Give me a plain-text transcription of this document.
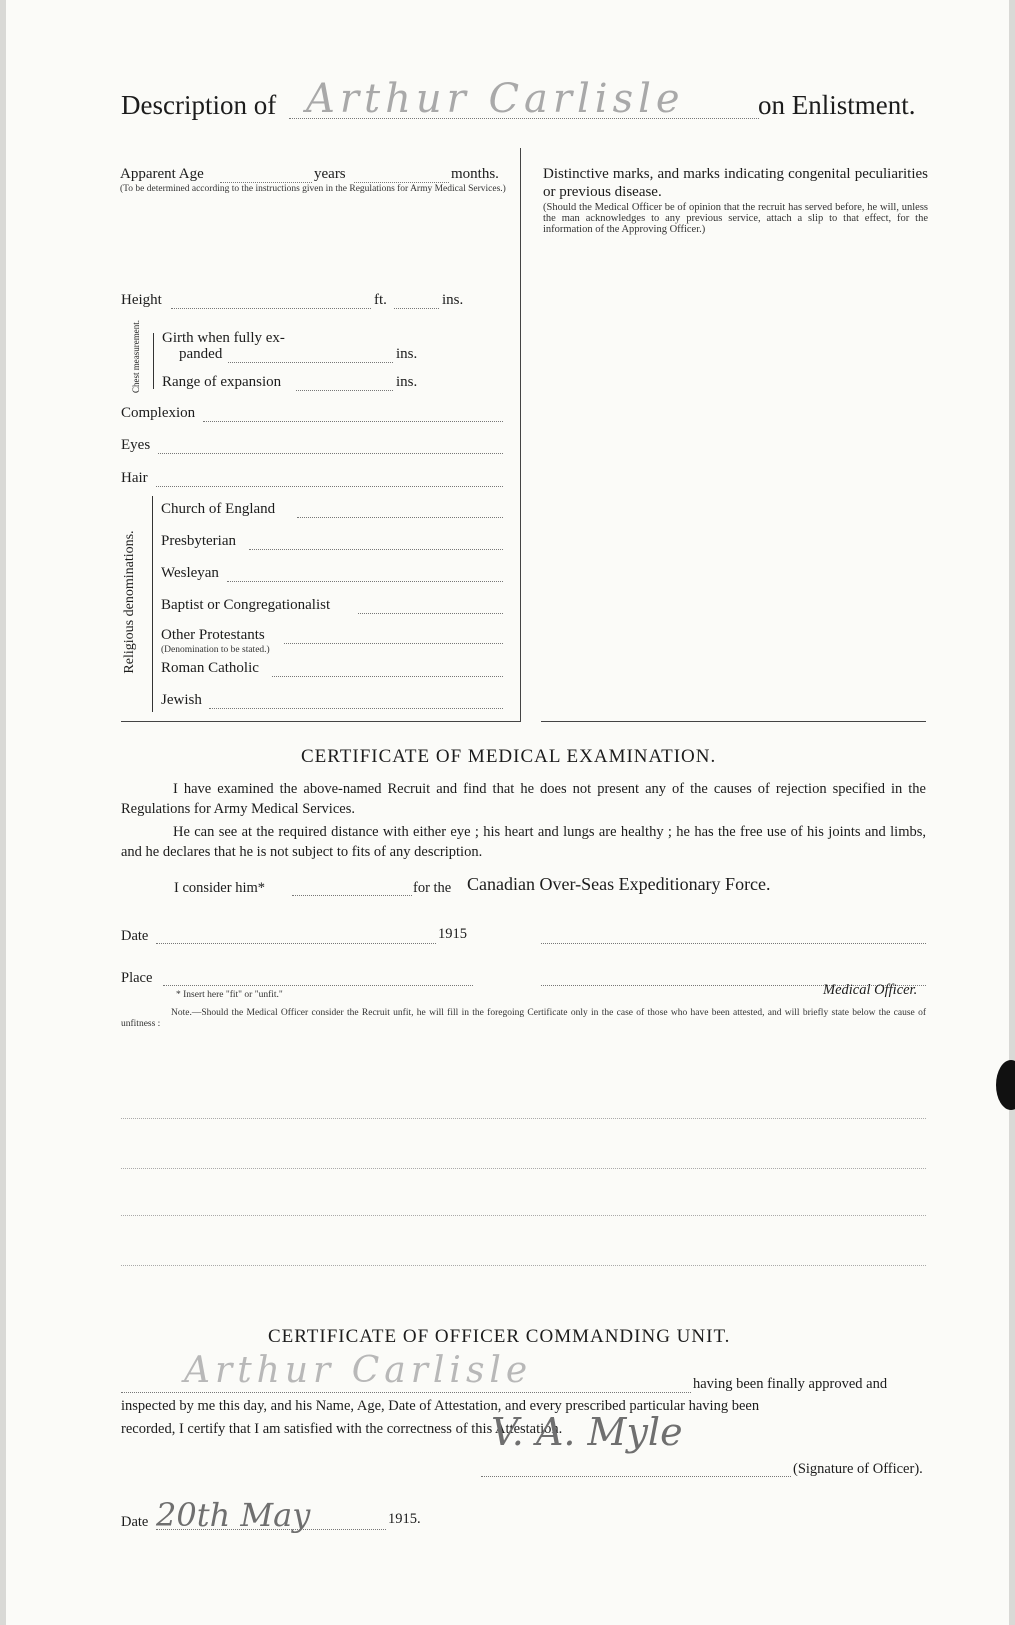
Description of Arthur Carlisle	on Enlistment.
Apparent Age	years	months.
(To be determined according to the instructions given in the Regulations for Army Medical Services.)
Height	ft.	ins.
Chest measurement. Girth when fully ex-
panded	ins.
Range of expansion	ins.
Complexion
Eyes
Hair
Religious denominations.
Church of England
Presbyterian
Wesleyan
Baptist or Congregationalist
Other Protestants
(Denomination to be stated.)
Roman Catholic
Jewish
Distinctive marks, and marks indicating congenital peculiarities or previous disease.
(Should the Medical Officer be of opinion that the recruit has served before, he will, unless the man acknowledges to any previous service, attach a slip to that effect, for the information of the Approving Officer.)
CERTIFICATE OF MEDICAL EXAMINATION.
I have examined the above-named Recruit and find that he does not present any of the causes of rejection specified in the Regulations for Army Medical Services.
He can see at the required distance with either eye ; his heart and lungs are healthy ; he has the free use of his joints and limbs, and he declares that he is not subject to fits of any description.
I consider him*	for the Canadian Over-Seas Expeditionary Force.
Date	1915
Place
* Insert here "fit" or "unfit."	Medical Officer.
Note.—Should the Medical Officer consider the Recruit unfit, he will fill in the foregoing Certificate only in the case of those who have been attested, and will briefly state below the cause of unfitness :
CERTIFICATE OF OFFICER COMMANDING UNIT.
Arthur Carlisle	having been finally approved and
inspected by me this day, and his Name, Age, Date of Attestation, and every prescribed particular having been
recorded, I certify that I am satisfied with the correctness of this Attestation.
V. A. Myle
(Signature of Officer).
Date 20th May	1915.
